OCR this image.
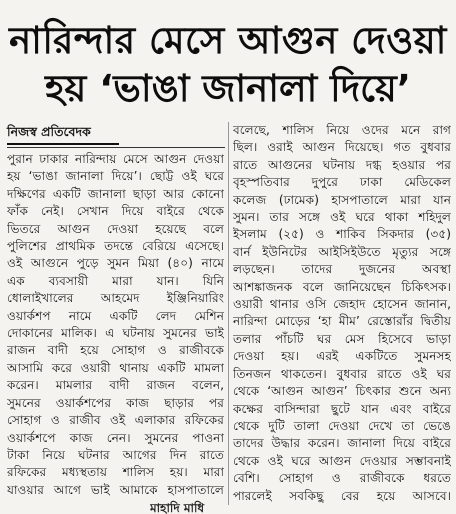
নারিন্দার মেসে আগুন দেওয়া
হয় ‘ভাঙা জানালা দিয়ে’
নিজস্ব প্রতিবেদক
পুরান ঢাকার নারিন্দায় মেসে আগুন দেওয়া
হয় ‘ভাঙা জানালা দিয়ে’। ছোট্ট ওই ঘরে
দক্ষিণের একটি জানালা ছাড়া আর কোনো
ফাঁক নেই। সেখান দিয়ে বাইরে থেকে
ভিতরে আগুন দেওয়া হয়েছে বলে
পুলিশের প্রাথমিক তদন্তে বেরিয়ে এসেছে।
ওই আগুনে পুড়ে সুমন মিয়া (৪০) নামে
এক ব্যবসায়ী মারা যান। যিনি
ধোলাইখালের আহমেদ ইঞ্জিনিয়ারিং
ওয়ার্কশপ নামে একটি লেদ মেশিন
দোকানের মালিক। এ ঘটনায় সুমনের ভাই
রাজন বাদী হয়ে সোহাগ ও রাজীবকে
আসামি করে ওয়ারী থানায় একটি মামলা
করেন। মামলার বাদী রাজন বলেন,
সুমনের ওয়ার্কশপের কাজ ছাড়ার পর
সোহাগ ও রাজীব ওই এলাকার রফিকের
ওয়ার্কশপে কাজ নেন। সুমনের পাওনা
টাকা নিয়ে ঘটনার আগের দিন রাতে
রফিকের মধ্যস্থতায় শালিস হয়। মারা
যাওয়ার আগে ভাই আমাকে হাসপাতালে
বলেছে, শালিস নিয়ে ওদের মনে রাগ
ছিল। ওরাই আগুন দিয়েছে। গত বুধবার
রাতে আগুনের ঘটনায় দগ্ধ হওয়ার পর
বৃহস্পতিবার দুপুরে ঢাকা মেডিকেল
কলেজ (ঢামেক) হাসপাতালে মারা যান
সুমন। তার সঙ্গে ওই ঘরে থাকা শহিদুল
ইসলাম (২৫) ও শাকিব সিকদার (৩৫)
বার্ন ইউনিটের আইসিইউতে মৃত্যুর সঙ্গে
লড়ছেন। তাদের দুজনের অবস্থা
আশঙ্কাজনক বলে জানিয়েছেন চিকিৎসক।
ওয়ারী থানার ওসি জেহাদ হোসেন জানান,
নারিন্দা মোড়ের ‘হা মীম’ রেস্তোরাঁর দ্বিতীয়
তলার পাঁচটি ঘর মেস হিসেবে ভাড়া
দেওয়া হয়। এরই একটিতে সুমনসহ
তিনজন থাকতেন। বুধবার রাতে ওই ঘর
থেকে ‘আগুন আগুন’ চিৎকার শুনে অন্য
কক্ষের বাসিন্দারা ছুটে যান এবং বাইরে
থেকে দুটি তালা দেওয়া দেখে তা ভেঙে
তাদের উদ্ধার করেন। জানালা দিয়ে বাইরে
থেকে ওই ঘরে আগুন দেওয়ার সম্ভাবনাই
বেশি। সোহাগ ও রাজীবকে ধরতে
পারলেই সবকিছু বের হয়ে আসবে।
মাহাদি মাধি
